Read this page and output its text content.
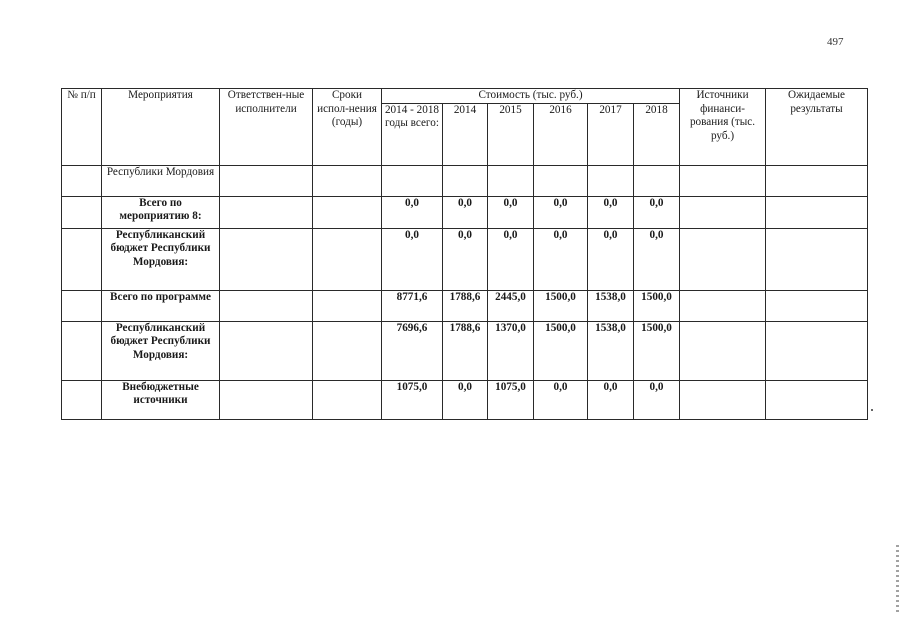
497
№ п/п	Мероприятия	Ответствен-ные исполнители	Сроки испол-нения (годы)	Стоимость (тыс. руб.)						Источники финанси-рования (тыс. руб.)	Ожидаемые результаты
				2014 - 2018 годы всего:	2014	2015	2016	2017	2018		
	Республики Мордовия										
	Всего по мероприятию 8:			0,0	0,0	0,0	0,0	0,0	0,0		
	Республиканский бюджет Республики Мордовия:			0,0	0,0	0,0	0,0	0,0	0,0		
	Всего по программе			8771,6	1788,6	2445,0	1500,0	1538,0	1500,0		
	Республиканский бюджет Республики Мордовия:			7696,6	1788,6	1370,0	1500,0	1538,0	1500,0		
	Внебюджетные источники			1075,0	0,0	1075,0	0,0	0,0	0,0		
